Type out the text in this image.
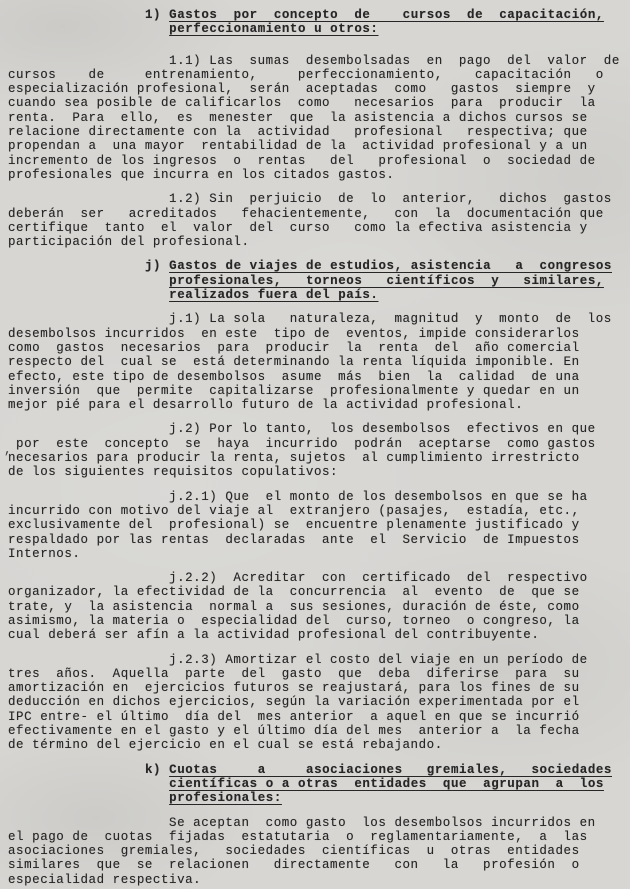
1) Gastos  por  concepto  de    cursos  de  capacitación,
perfeccionamiento u otros:
1.1) Las  sumas  desembolsadas  en  pago  del  valor  de
cursos    de     entrenamiento,     perfeccionamiento,    capacitación   o
especialización profesional,  serán  aceptadas  como   gastos  siempre  y
cuando sea posible de calificarlos  como   necesarios  para  producir  la
renta.  Para  ello,  es  menester  que  la asistencia a dichos cursos se
relacione directamente con la  actividad   profesional   respectiva; que
propendan a  una mayor  rentabilidad de la  actividad profesional y a un
incremento de los ingresos  o  rentas   del   profesional  o  sociedad de
profesionales que incurra en los citados gastos.
1.2) Sin  perjuicio  de  lo  anterior,   dichos  gastos
deberán  ser   acreditados   fehacientemente,   con  la  documentación que
certifique  tanto  el  valor  del  curso   como la efectiva asistencia y
participación del profesional.
j) Gastos de viajes de estudios, asistencia   a  congresos
profesionales,   torneos   científicos  y   similares,
realizados fuera del país.
j.1) La sola   naturaleza,  magnitud  y  monto  de  los
desembolsos incurridos  en este  tipo de  eventos, impide considerarlos
como  gastos  necesarios  para  producir  la  renta  del  año comercial
respecto del  cual se  está determinando la renta líquida imponible. En
efecto, este tipo de desembolsos  asume  más  bien  la  calidad  de una
inversión  que  permite  capitalizarse  profesionalmente y quedar en un
mejor pié para el desarrollo futuro de la actividad profesional.
j.2) Por lo tanto,  los desembolsos  efectivos en que
por  este  concepto  se  haya  incurrido  podrán  aceptarse  como gastos
necesarios para producir la renta, sujetos  al cumplimiento irrestricto
de los siguientes requisitos copulativos:
j.2.1) Que  el monto de los desembolsos en que se ha
incurrido con motivo del viaje al  extranjero (pasajes,  estadía, etc.,
exclusivamente del  profesional) se  encuentre plenamente justificado y
respaldado por las rentas  declaradas  ante  el  Servicio  de Impuestos
Internos.
j.2.2)  Acreditar  con  certificado  del  respectivo
organizador, la efectividad de la  concurrencia  al  evento  de  que se
trate, y  la asistencia  normal a  sus sesiones, duración de éste, como
asimismo, la materia o  especialidad del  curso, torneo  o congreso, la
cual deberá ser afín a la actividad profesional del contribuyente.
j.2.3) Amortizar el costo del viaje en un período de
tres  años.  Aquella  parte  del  gasto  que  deba  diferirse  para  su
amortización en  ejercicios futuros se reajustará, para los fines de su
deducción en dichos ejercicios, según la variación experimentada por el
IPC entre- el último  día del  mes anterior  a aquel en que se incurrió
efectivamente en el gasto y el último día del mes  anterior a  la fecha
de término del ejercicio en el cual se está rebajando.
k) Cuotas     a     asociaciones   gremiales,   sociedades
científicas o a otras  entidades  que  agrupan  a  los
profesionales:
Se aceptan  como gasto  los desembolsos incurridos en
el pago de  cuotas  fijadas  estatutaria  o  reglamentariamente,  a  las
asociaciones  gremiales,   sociedades  científicas  u  otras  entidades
similares  que  se  relacionen   directamente   con   la   profesión  o
especialidad respectiva.
,
